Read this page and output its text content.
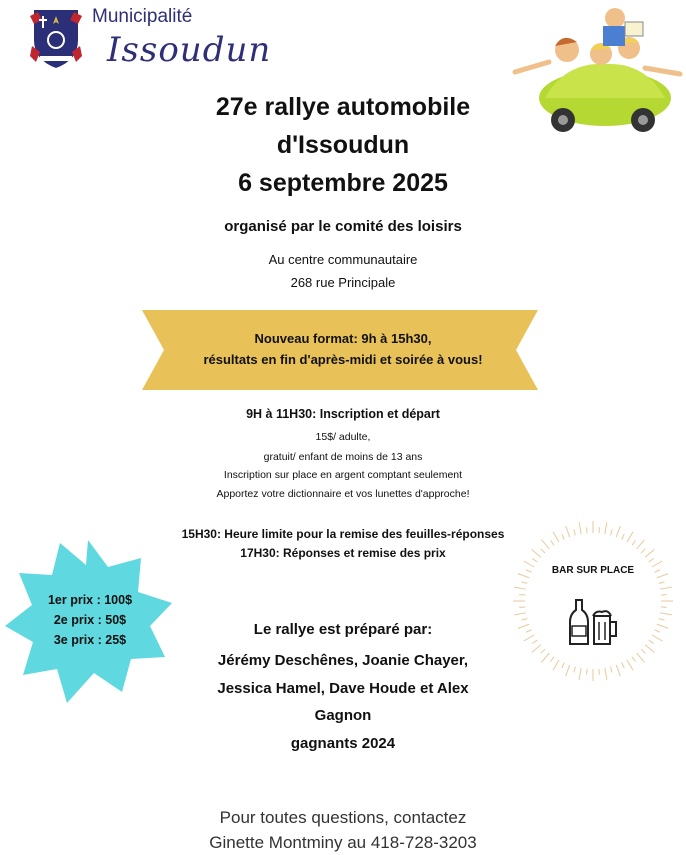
Municipalité
Issoudun
27e rallye automobile
d'Issoudun
6 septembre 2025
organisé par le comité des loisirs
Au centre communautaire
268 rue Principale
Nouveau format: 9h à 15h30,
résultats en fin d'après-midi et soirée à vous!
9H à 11H30: Inscription et départ
15$/ adulte,
gratuit/ enfant de moins de 13 ans
Inscription sur place en argent comptant seulement
Apportez votre dictionnaire et vos lunettes d'approche!
15H30: Heure limite pour la remise des feuilles-réponses
17H30: Réponses et remise des prix
1er prix : 100$
2e prix : 50$
3e prix : 25$
BAR SUR PLACE
Le rallye est préparé par:
Jérémy Deschênes, Joanie Chayer,
Jessica Hamel, Dave Houde et Alex
Gagnon
gagnants 2024
Pour toutes questions, contactez
Ginette Montminy au 418-728-3203
